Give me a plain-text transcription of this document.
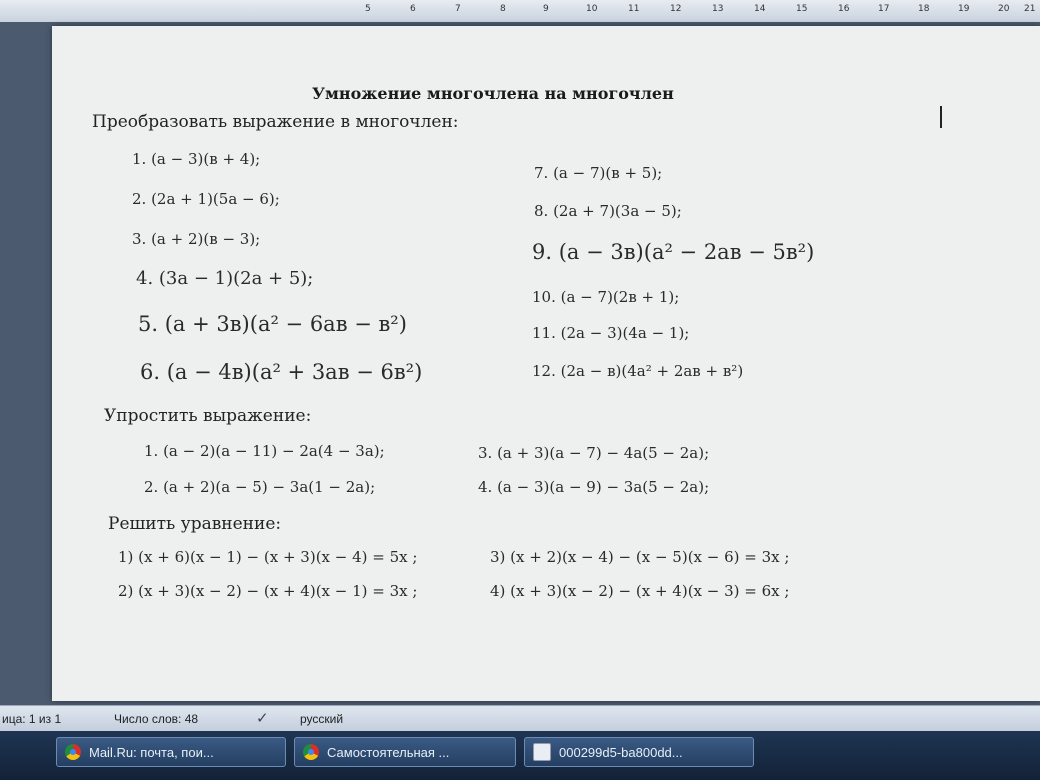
5	6	7	8	9	10	11	12	13	14	15	16	17	18	19	20 21
Умножение многочлена на многочлен
Преобразовать выражение в многочлен:
1. (а − 3)(в + 4);
2. (2а + 1)(5а − 6);
3. (а + 2)(в − 3);
4. (3а − 1)(2а + 5);
5. (а + 3в)(а² − 6ав − в²)
6. (а − 4в)(а² + 3ав − 6в²)
7. (а − 7)(в + 5);
8. (2а + 7)(3а − 5);
9. (а − 3в)(а² − 2ав − 5в²)
10. (а − 7)(2в + 1);
11. (2а − 3)(4а − 1);
12. (2а − в)(4а² + 2ав + в²)
Упростить выражение:
1. (а − 2)(а − 11) − 2а(4 − 3а);
2. (а + 2)(а − 5) − 3а(1 − 2а);
3. (а + 3)(а − 7) − 4а(5 − 2а);
4. (а − 3)(а − 9) − 3а(5 − 2а);
Решить уравнение:
1) (х + 6)(х − 1) − (х + 3)(х − 4) = 5х ;
2) (х + 3)(х − 2) − (х + 4)(х − 1) = 3х ;
3) (х + 2)(х − 4) − (х − 5)(х − 6) = 3х ;
4) (х + 3)(х − 2) − (х + 4)(х − 3) = 6х ;
ица: 1 из 1	Число слов: 48	✓	русский
Mail.Ru: почта, пои...	Самостоятельная ...	000299d5-ba800dd...
